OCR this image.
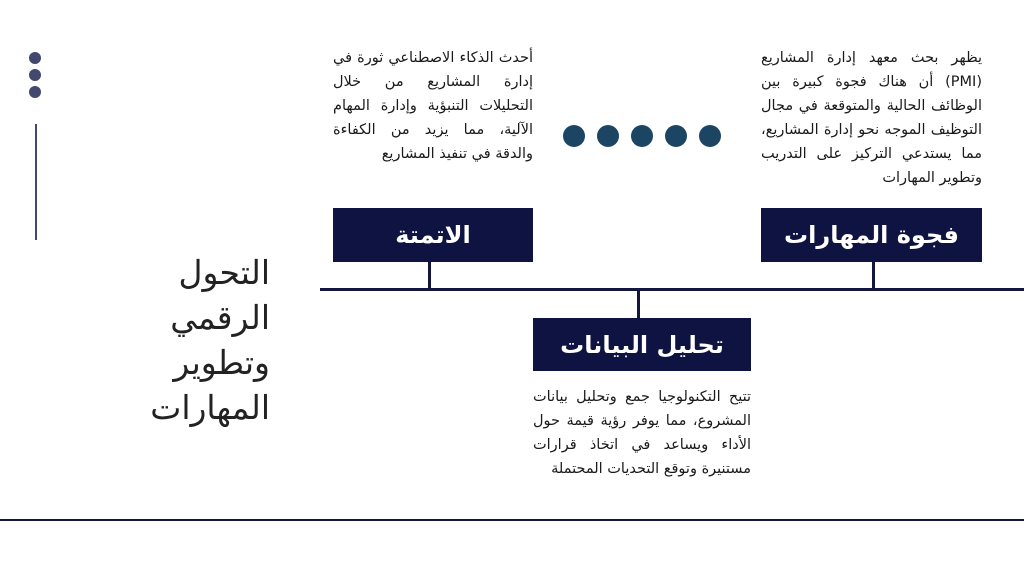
التحول
الرقمي
وتطوير
المهارات
أحدث الذكاء الاصطناعي ثورة في إدارة المشاريع من خلال التحليلات التنبؤية وإدارة المهام الآلية، مما يزيد من الكفاءة والدقة في تنفيذ المشاريع
يظهر بحث معهد إدارة المشاريع (PMI) أن هناك فجوة كبيرة بين الوظائف الحالية والمتوقعة في مجال التوظيف الموجه نحو إدارة المشاريع، مما يستدعي التركيز على التدريب وتطوير المهارات
الاتمتة	فجوة المهارات
تحليل البيانات
تتيح التكنولوجيا جمع وتحليل بيانات المشروع، مما يوفر رؤية قيمة حول الأداء ويساعد في اتخاذ قرارات مستنيرة وتوقع التحديات المحتملة
